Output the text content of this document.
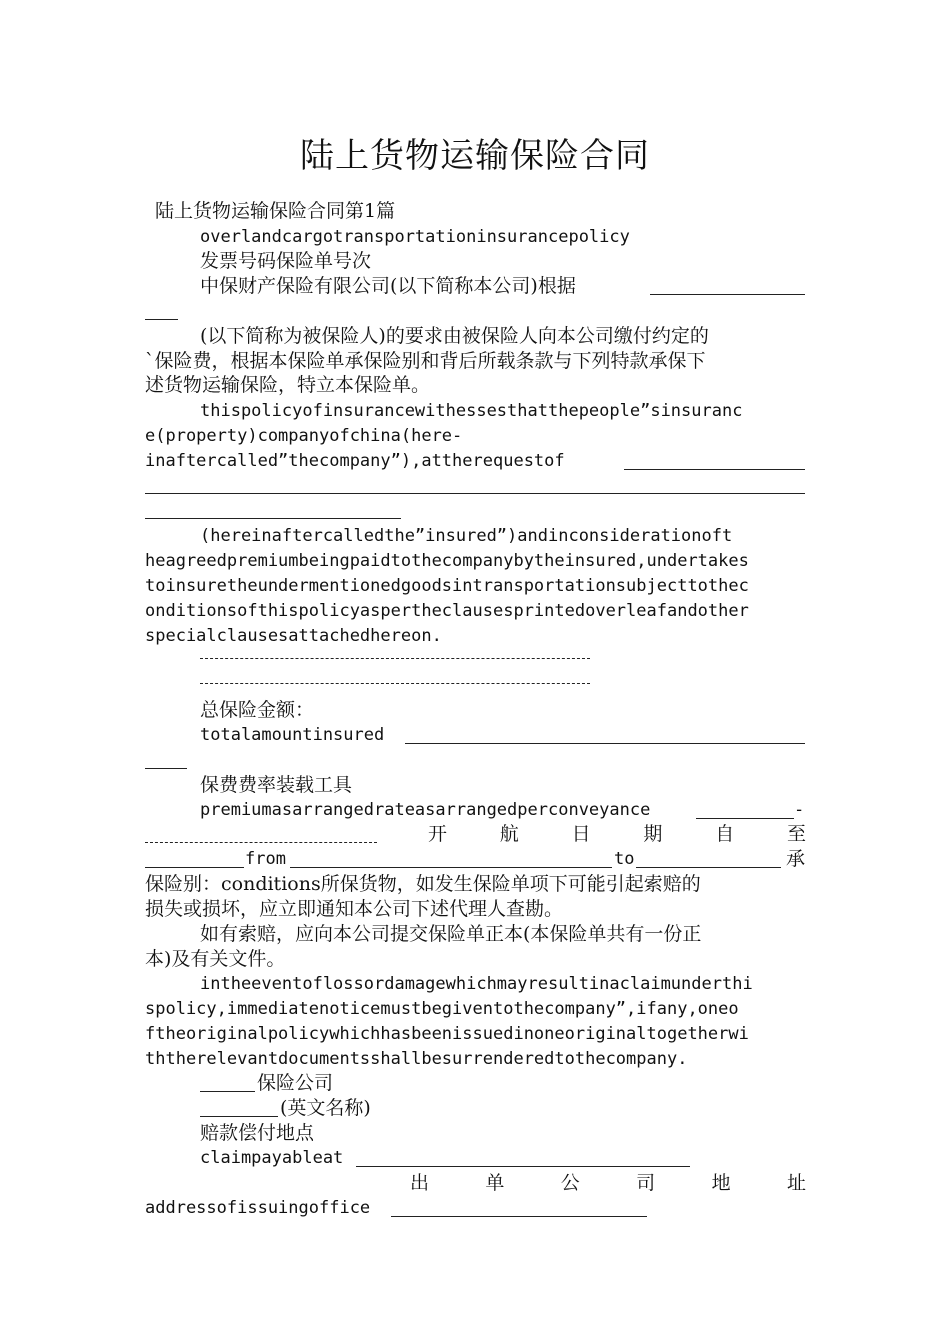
陆上货物运输保险合同
陆上货物运输保险合同第1篇
overlandcargotransportationinsurancepolicy
发票号码保险单号次
中保财产保险有限公司(以下简称本公司)根据
(以下简称为被保险人)的要求由被保险人向本公司缴付约定的
`保险费，根据本保险单承保险别和背后所载条款与下列特款承保下
述货物运输保险，特立本保险单。
thispolicyofinsurancewithessesthatthepeople”sinsuranc
e(property)companyofchina(here-
inaftercalled”thecompany”),attherequestof
(hereinaftercalledthe”insured”)andinconsiderationoft
heagreedpremiumbeingpaidtothecompanybytheinsured,undertakes
toinsuretheundermentionedgoodsintransportationsubjecttothec
onditionsofthispolicyaspertheclausesprintedoverleafandother
specialclausesattachedhereon.
总保险金额：
totalamountinsured
保费费率装载工具
premiumasarrangedrateasarrangedperconveyance	-
开	航	日	期	自	至
from	to	承
保险别：conditions所保货物，如发生保险单项下可能引起索赔的
损失或损坏，应立即通知本公司下述代理人查勘。
如有索赔，应向本公司提交保险单正本(本保险单共有一份正
本)及有关文件。
intheeventoflossordamagewhichmayresultinaclaimunderthi
spolicy,immediatenoticemustbegiventothecompany”,ifany,oneo
ftheoriginalpolicywhichhasbeenissuedinoneoriginaltogetherwi
ththerelevantdocumentsshallbesurrenderedtothecompany.
保险公司
(英文名称)
赔款偿付地点
claimpayableat
出	单	公	司	地	址
addressofissuingoffice
